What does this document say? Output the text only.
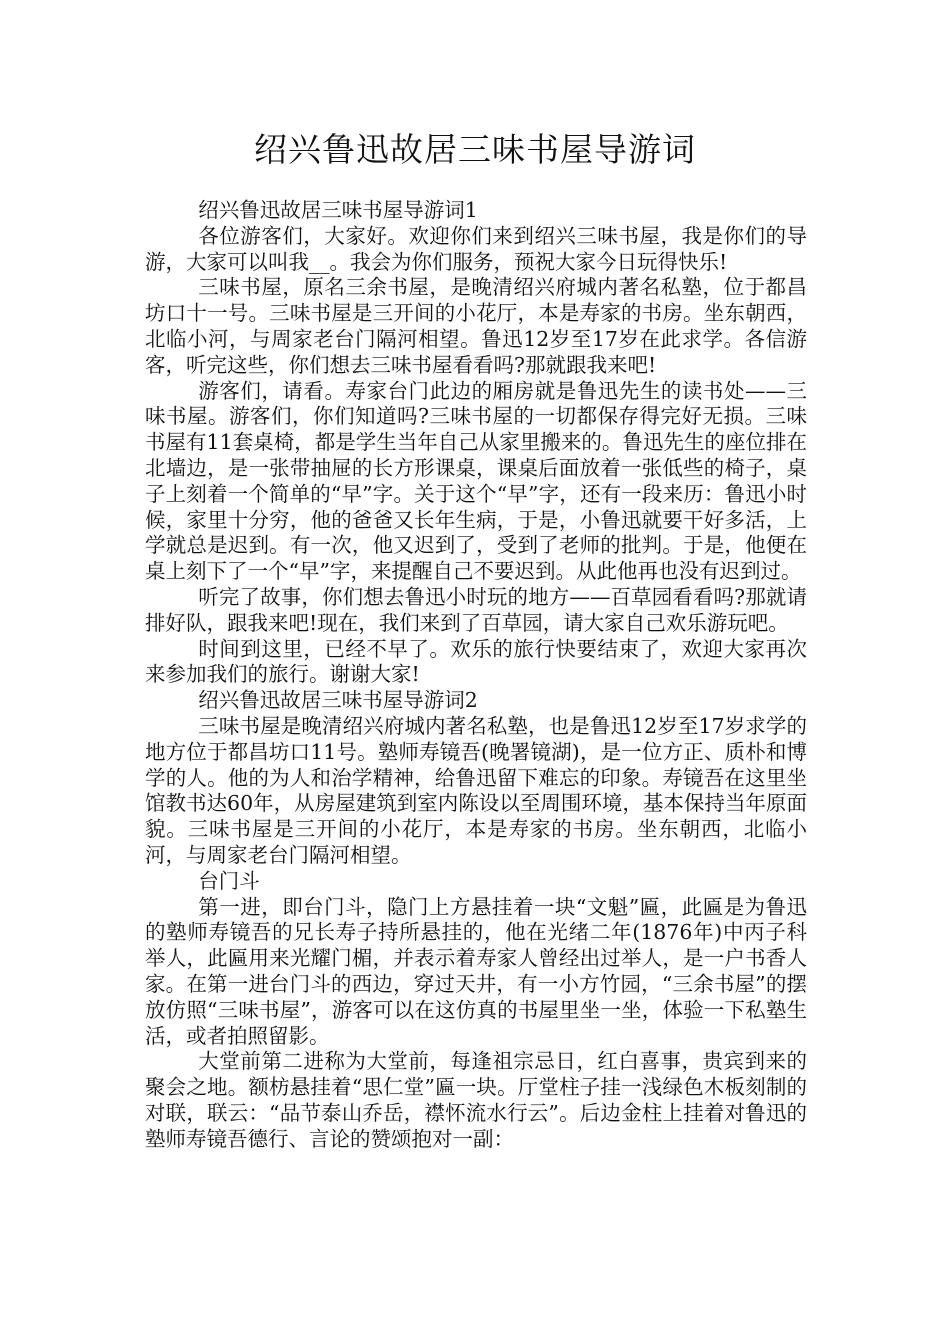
绍兴鲁迅故居三味书屋导游词

绍兴鲁迅故居三味书屋导游词1

各位游客们，大家好。欢迎你们来到绍兴三味书屋，我是你们的导游，大家可以叫我__。我会为你们服务，预祝大家今日玩得快乐!

三味书屋，原名三余书屋，是晚清绍兴府城内著名私塾，位于都昌坊口十一号。三味书屋是三开间的小花厅，本是寿家的书房。坐东朝西，北临小河，与周家老台门隔河相望。鲁迅12岁至17岁在此求学。各信游客，听完这些，你们想去三味书屋看看吗?那就跟我来吧!

游客们，请看。寿家台门此边的厢房就是鲁迅先生的读书处——三味书屋。游客们，你们知道吗?三味书屋的一切都保存得完好无损。三味书屋有11套桌椅，都是学生当年自己从家里搬来的。鲁迅先生的座位排在北墙边，是一张带抽屉的长方形课桌，课桌后面放着一张低些的椅子，桌子上刻着一个简单的“早”字。关于这个“早”字，还有一段来历：鲁迅小时候，家里十分穷，他的爸爸又长年生病，于是，小鲁迅就要干好多活，上学就总是迟到。有一次，他又迟到了，受到了老师的批判。于是，他便在桌上刻下了一个“早”字，来提醒自己不要迟到。从此他再也没有迟到过。

听完了故事，你们想去鲁迅小时玩的地方——百草园看看吗?那就请排好队，跟我来吧!现在，我们来到了百草园，请大家自己欢乐游玩吧。

时间到这里，已经不早了。欢乐的旅行快要结束了，欢迎大家再次来参加我们的旅行。谢谢大家!

绍兴鲁迅故居三味书屋导游词2

三味书屋是晚清绍兴府城内著名私塾，也是鲁迅12岁至17岁求学的地方位于都昌坊口11号。塾师寿镜吾(晚署镜湖)，是一位方正、质朴和博学的人。他的为人和治学精神，给鲁迅留下难忘的印象。寿镜吾在这里坐馆教书达60年，从房屋建筑到室内陈设以至周围环境，基本保持当年原面貌。三味书屋是三开间的小花厅，本是寿家的书房。坐东朝西，北临小河，与周家老台门隔河相望。

台门斗

第一进，即台门斗，隐门上方悬挂着一块“文魁”匾，此匾是为鲁迅的塾师寿镜吾的兄长寿子持所悬挂的，他在光绪二年(1876年)中丙子科举人，此匾用来光耀门楣，并表示着寿家人曾经出过举人，是一户书香人家。在第一进台门斗的西边，穿过天井，有一小方竹园，“三余书屋”的摆放仿照“三味书屋”，游客可以在这仿真的书屋里坐一坐，体验一下私塾生活，或者拍照留影。

大堂前第二进称为大堂前，每逢祖宗忌日，红白喜事，贵宾到来的聚会之地。额枋悬挂着“思仁堂”匾一块。厅堂柱子挂一浅绿色木板刻制的对联，联云：“品节泰山乔岳，襟怀流水行云”。后边金柱上挂着对鲁迅的塾师寿镜吾德行、言论的赞颂抱对一副：
